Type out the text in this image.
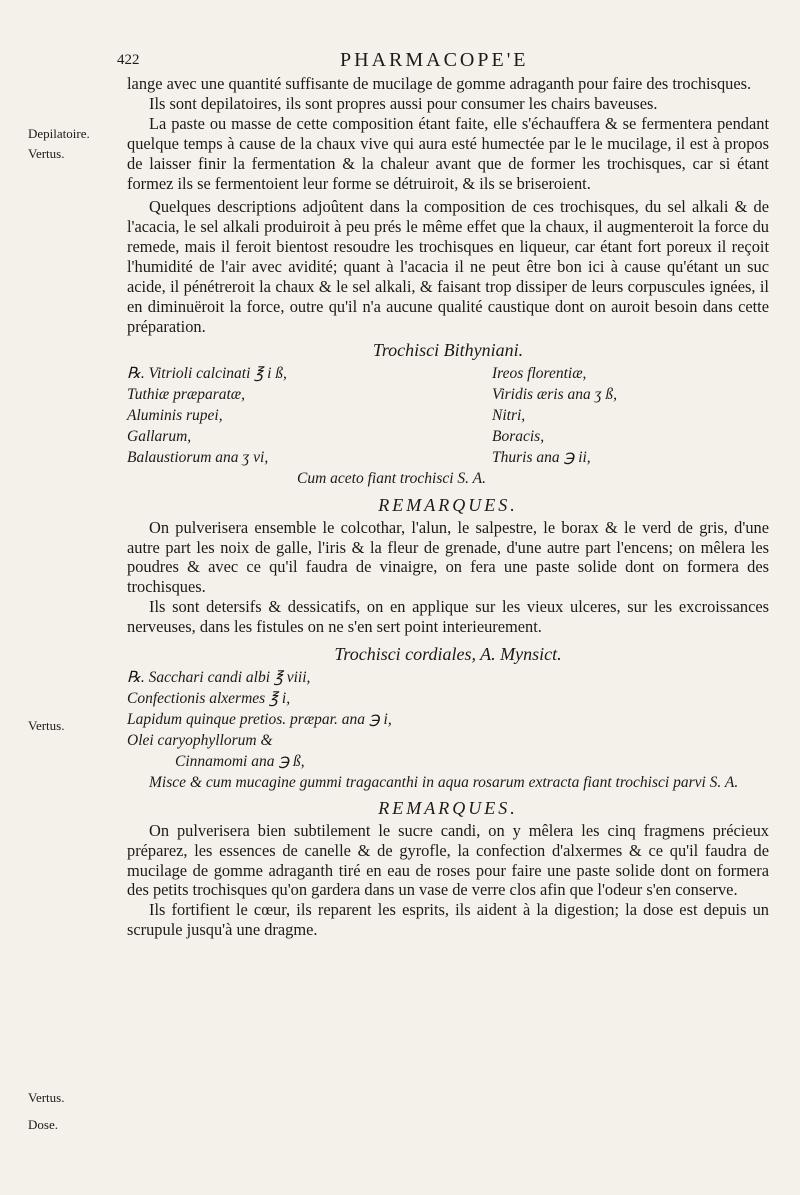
422	PHARMACOPE'E
Depilatoire.
Vertus.
Vertus.
Vertus.
Dose.

lange avec une quantité suffisante de mucilage de gomme adraganth pour faire des trochisques.

Ils sont depilatoires, ils sont propres aussi pour consumer les chairs baveuses.

La paste ou masse de cette composition étant faite, elle s'échauffera & se fermentera pendant quelque temps à cause de la chaux vive qui aura esté humectée par le le mucilage, il est à propos de laisser finir la fermentation & la chaleur avant que de former les trochisques, car si étant formez ils se fermentoient leur forme se détruiroit, & ils se briseroient.

Quelques descriptions adjoûtent dans la composition de ces trochisques, du sel alkali & de l'acacia, le sel alkali produiroit à peu prés le même effet que la chaux, il augmenteroit la force du remede, mais il feroit bientost resoudre les trochisques en liqueur, car étant fort poreux il reçoit l'humidité de l'air avec avidité; quant à l'acacia il ne peut être bon ici à cause qu'étant un suc acide, il pénétreroit la chaux & le sel alkali, & faisant trop dissiper de leurs corpuscules ignées, il en diminuëroit la force, outre qu'il n'a aucune qualité caustique dont on auroit besoin dans cette préparation.

Trochisci Bithyniani.
℞. Vitrioli calcinati ℥ i ß,	Ireos florentiæ,
Tuthiæ præparatæ,	Viridis æris ana ʒ ß,
Aluminis rupei,	Nitri,
Gallarum,	Boracis,
Balaustiorum ana ʒ vi,	Thuris ana ℈ ii,
Cum aceto fiant trochisci S. A.
REMARQUES.

On pulverisera ensemble le colcothar, l'alun, le salpestre, le borax & le verd de gris, d'une autre part les noix de galle, l'iris & la fleur de grenade, d'une autre part l'encens; on mêlera les poudres & avec ce qu'il faudra de vinaigre, on fera une paste solide dont on formera des trochisques.

Ils sont detersifs & dessicatifs, on en applique sur les vieux ulceres, sur les excroissances nerveuses, dans les fistules on ne s'en sert point interieurement.

Trochisci cordiales, A. Mynsict.
℞. Sacchari candi albi ℥ viii,
Confectionis alxermes ℥ i,
Lapidum quinque pretios. præpar. ana ℈ i,
Olei caryophyllorum &
Cinnamomi ana ℈ ß,

Misce & cum mucagine gummi tragacanthi in aqua rosarum extracta fiant trochisci parvi S. A.

REMARQUES.

On pulverisera bien subtilement le sucre candi, on y mêlera les cinq fragmens précieux préparez, les essences de canelle & de gyrofle, la confection d'alxermes & ce qu'il faudra de mucilage de gomme adraganth tiré en eau de roses pour faire une paste solide dont on formera des petits trochisques qu'on gardera dans un vase de verre clos afin que l'odeur s'en conserve.

Ils fortifient le cœur, ils reparent les esprits, ils aident à la digestion; la dose est depuis un scrupule jusqu'à une dragme.
